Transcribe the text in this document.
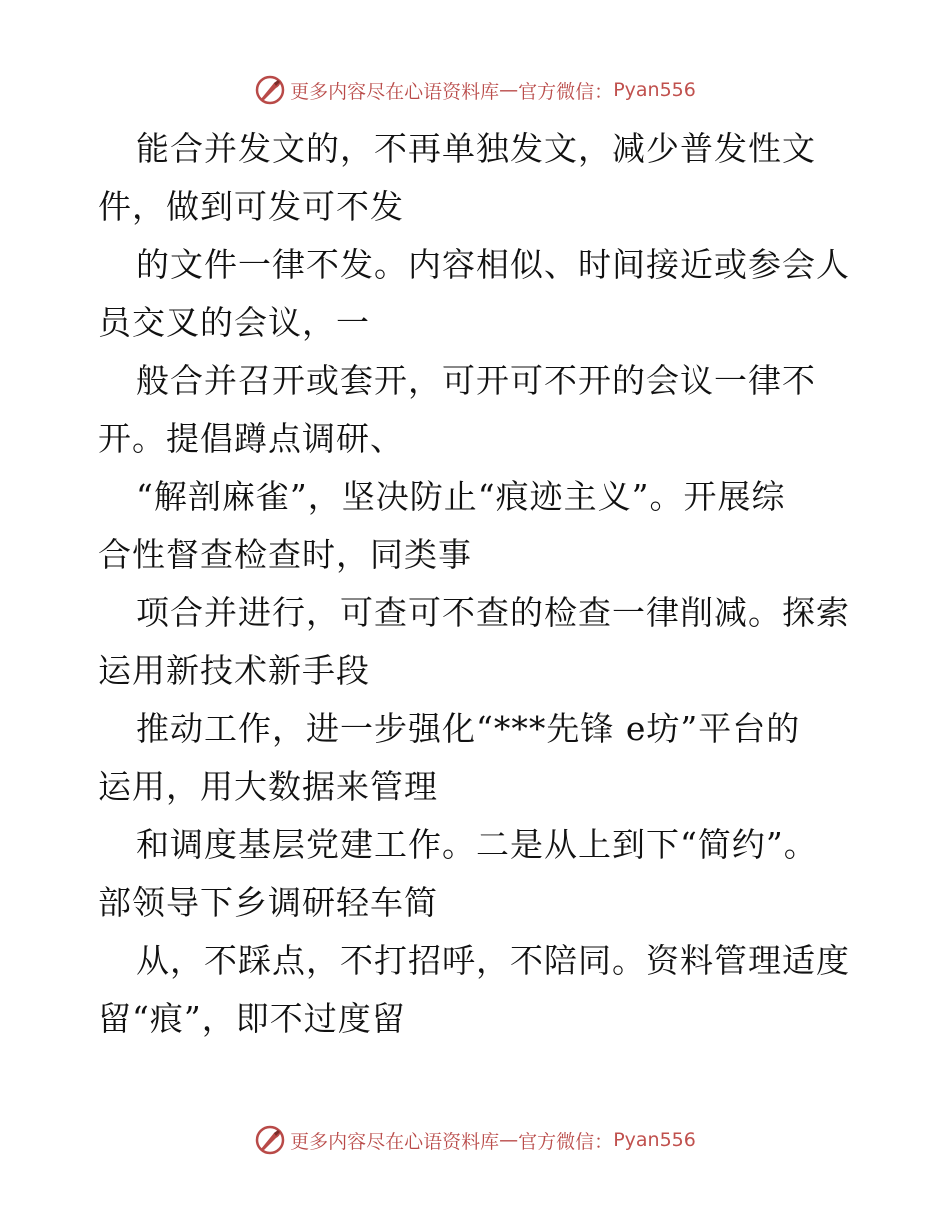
更多内容尽在心语资料库 — 官方微信： Pyan556
能合并发文的，不再单独发文，减少普发性文
件，做到可发可不发
的文件一律不发。内容相似、时间接近或参会人
员交叉的会议，一
般合并召开或套开，可开可不开的会议一律不
开。提倡蹲点调研、
“解剖麻雀”，坚决防止“痕迹主义”。开展综
合性督查检查时，同类事
项合并进行，可查可不查的检查一律削减。探索
运用新技术新手段
推动工作，进一步强化“***先锋 e坊”平台的
运用，用大数据来管理
和调度基层党建工作。二是从上到下“简约”。
部领导下乡调研轻车简
从，不踩点，不打招呼，不陪同。资料管理适度
留“痕”，即不过度留
更多内容尽在心语资料库 — 官方微信： Pyan556
